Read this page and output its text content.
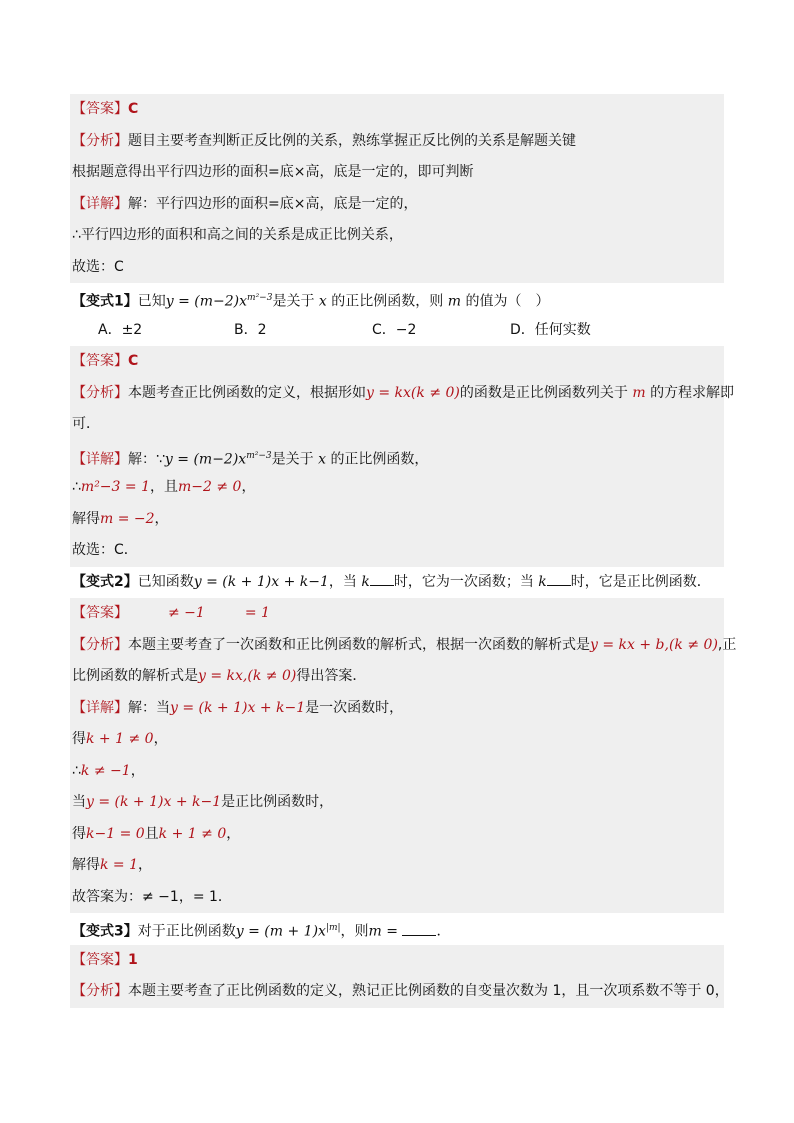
【答案】C
【分析】题目主要考查判断正反比例的关系，熟练掌握正反比例的关系是解题关键
根据题意得出平行四边形的面积=底×高，底是一定的，即可判断
【详解】解：平行四边形的面积=底×高，底是一定的，
∴平行四边形的面积和高之间的关系是成正比例关系，
故选：C
【变式1】已知$y = (m-2)x^{m^2-3}$是关于 x 的正比例函数，则 m 的值为（　）
A．±2	B．2	C．−2	D．任何实数
【答案】C
【分析】本题考查正比例函数的定义，根据形如y = kx(k ≠ 0)的函数是正比例函数列关于 m 的方程求解即
可．
【详解】解：∵y = $(m-2)x^{m^2-3}$是关于 x 的正比例函数，
∴m²−3 = 1，且m−2 ≠ 0，
解得m = −2，
故选：C．
【变式2】已知函数y = (k + 1)x + k−1，当 k 时，它为一次函数；当 k 时，它是正比例函数．
【答案】	≠ −1	= 1
【分析】本题主要考查了一次函数和正比例函数的解析式，根据一次函数的解析式是y = kx + b,(k ≠ 0),正
比例函数的解析式是y = kx,(k ≠ 0)得出答案．
【详解】解：当y = (k + 1)x + k−1是一次函数时，
得k + 1 ≠ 0，
∴k ≠ −1，
当y = (k + 1)x + k−1是正比例函数时，
得k−1 = 0且k + 1 ≠ 0，
解得k = 1，
故答案为：≠ −1，= 1．
【变式3】对于正比例函数$y = (m + 1)x^{|m|}$，则m = ．
【答案】1
【分析】本题主要考查了正比例函数的定义，熟记正比例函数的自变量次数为 1，且一次项系数不等于 0，
